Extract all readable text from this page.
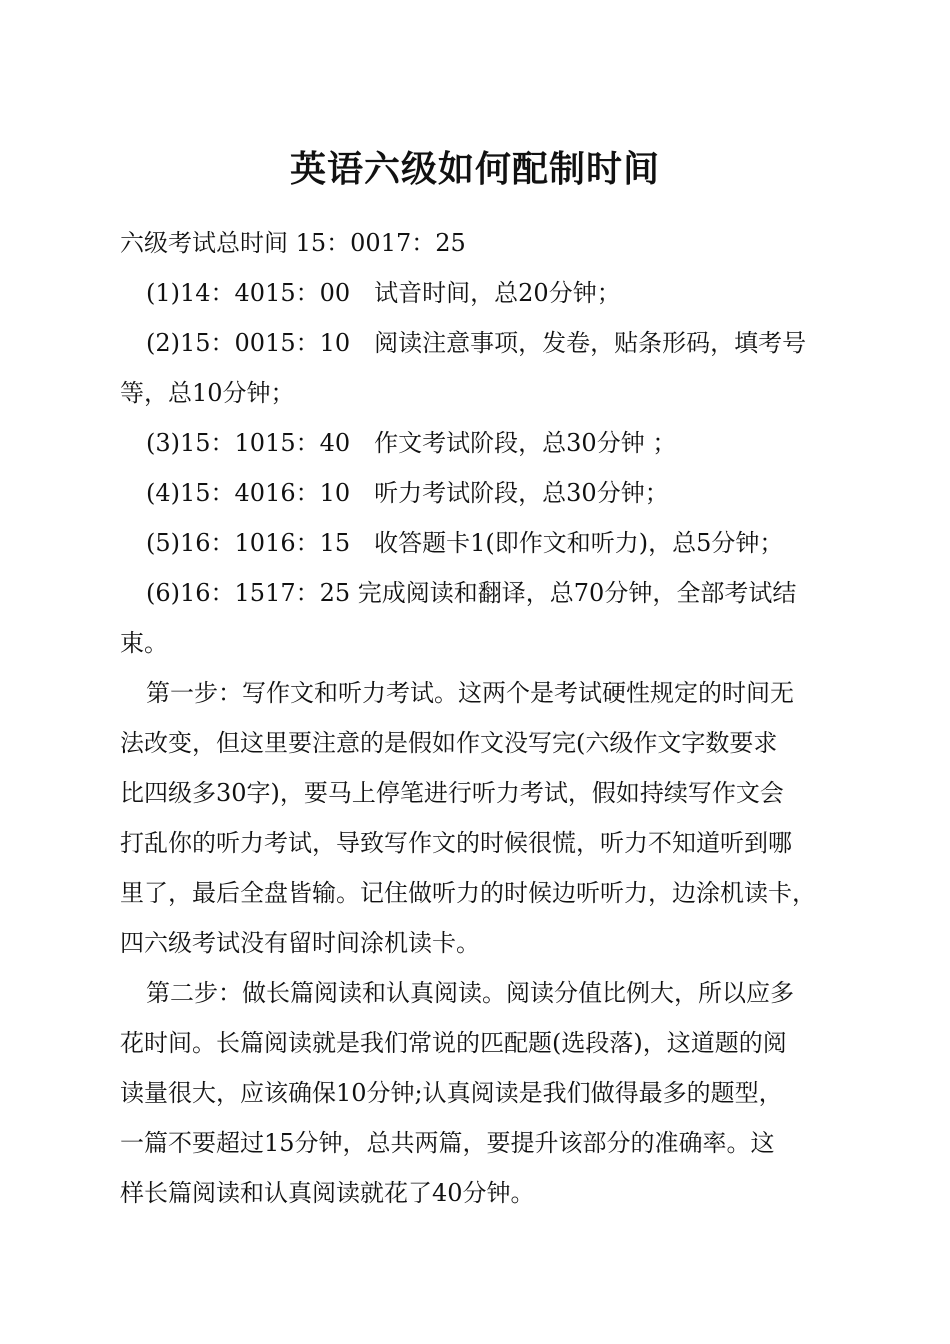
英语六级如何配制时间

六级考试总时间 15：0017：25

(1)14：4015：00　试音时间，总20分钟；

(2)15：0015：10　阅读注意事项，发卷，贴条形码，填考号

等，总10分钟；

(3)15：1015：40　作文考试阶段，总30分钟 ；

(4)15：4016：10　听力考试阶段，总30分钟；

(5)16：1016：15　收答题卡1(即作文和听力)，总5分钟；

(6)16：1517：25 完成阅读和翻译，总70分钟，全部考试结

束。

第一步：写作文和听力考试。这两个是考试硬性规定的时间无

法改变，但这里要注意的是假如作文没写完(六级作文字数要求

比四级多30字)，要马上停笔进行听力考试，假如持续写作文会

打乱你的听力考试，导致写作文的时候很慌，听力不知道听到哪

里了，最后全盘皆输。记住做听力的时候边听听力，边涂机读卡，

四六级考试没有留时间涂机读卡。

第二步：做长篇阅读和认真阅读。阅读分值比例大，所以应多

花时间。长篇阅读就是我们常说的匹配题(选段落)，这道题的阅

读量很大，应该确保10分钟;认真阅读是我们做得最多的题型，

一篇不要超过15分钟，总共两篇，要提升该部分的准确率。这

样长篇阅读和认真阅读就花了40分钟。
